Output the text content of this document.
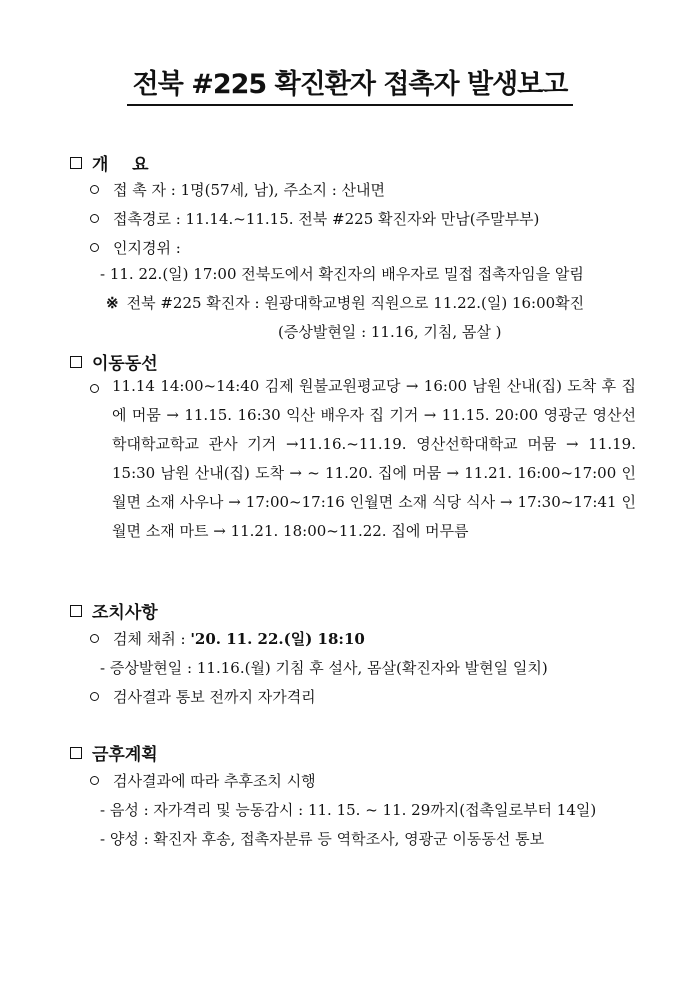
전북 #225 확진환자 접촉자 발생보고
개    요
접 촉 자 : 1명(57세, 남), 주소지 : 산내면
접촉경로 : 11.14.~11.15. 전북 #225 확진자와 만남(주말부부)
인지경위 :
- 11. 22.(일) 17:00 전북도에서 확진자의 배우자로 밀접 접촉자임을 알림
※ 전북 #225 확진자 : 원광대학교병원 직원으로 11.22.(일) 16:00확진
(증상발현일 : 11.16, 기침, 몸살 )
이동동선
11.14 14:00~14:40 김제 원불교원평교당 → 16:00 남원 산내(집) 도착 후 집에 머뭄 → 11.15. 16:30 익산 배우자 집 기거 → 11.15. 20:00 영광군 영산선학대학교학교 관사 기거 →11.16.~11.19. 영산선학대학교 머뭄 → 11.19. 15:30 남원 산내(집) 도착 → ~ 11.20. 집에 머뭄 → 11.21. 16:00~17:00 인월면 소재 사우나 → 17:00~17:16 인월면 소재 식당 식사 → 17:30~17:41 인월면 소재 마트 → 11.21. 18:00~11.22. 집에 머무름
조치사항
검체 채취 : '20. 11. 22.(일) 18:10
- 증상발현일 : 11.16.(월) 기침 후 설사, 몸살(확진자와 발현일 일치)
검사결과 통보 전까지 자가격리
금후계획
검사결과에 따라 추후조치 시행
- 음성 : 자가격리 및 능동감시 : 11. 15. ~ 11. 29까지(접촉일로부터 14일)
- 양성 : 확진자 후송, 접촉자분류 등 역학조사, 영광군 이동동선 통보
